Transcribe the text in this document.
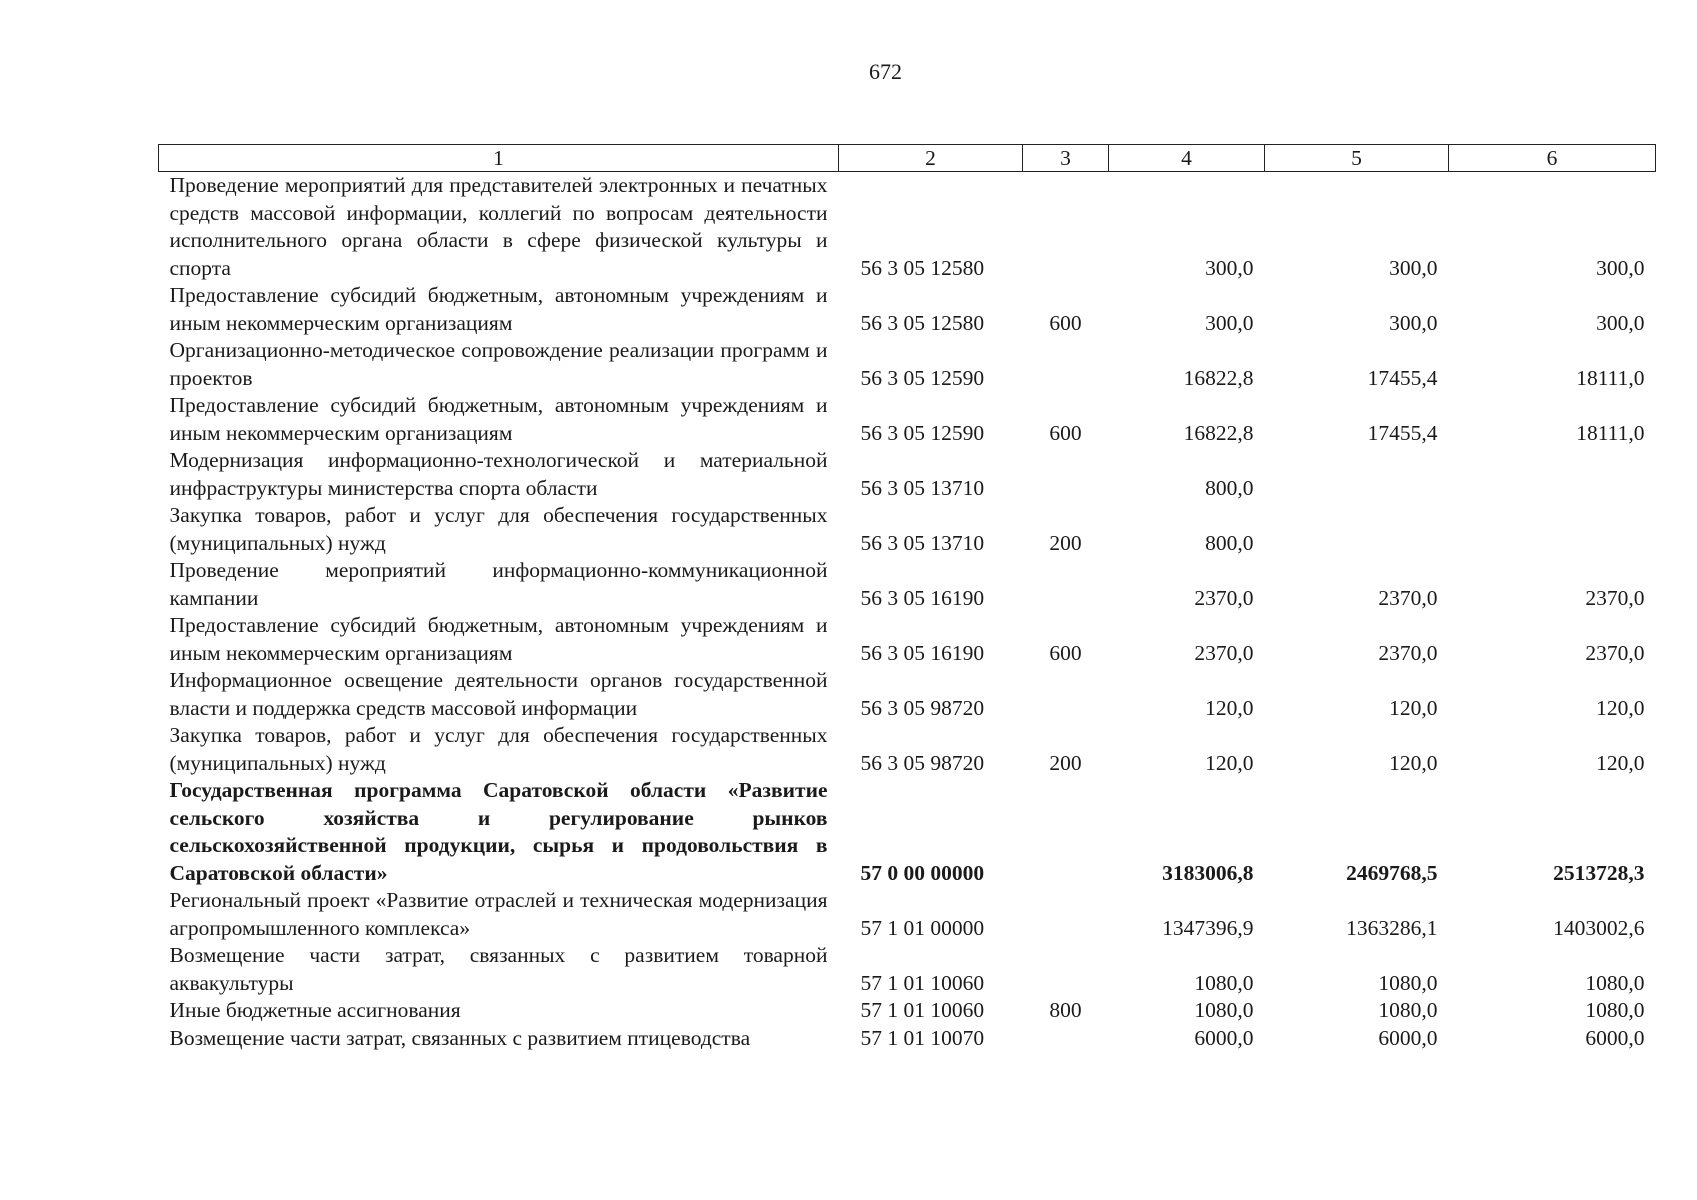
672
1	2	3	4	5	6
Проведение мероприятий для представителей электронных и печатных средств массовой информации, коллегий по вопросам деятельности исполнительного органа области в сфере физической культуры и спорта	56 3 05 12580		300,0	300,0	300,0
Предоставление субсидий бюджетным, автономным учреждениям и иным некоммерческим организациям	56 3 05 12580	600	300,0	300,0	300,0
Организационно-методическое сопровождение реализации программ и проектов	56 3 05 12590		16822,8	17455,4	18111,0
Предоставление субсидий бюджетным, автономным учреждениям и иным некоммерческим организациям	56 3 05 12590	600	16822,8	17455,4	18111,0
Модернизация информационно-технологической и материальной инфраструктуры министерства спорта области	56 3 05 13710		800,0		
Закупка товаров, работ и услуг для обеспечения государственных (муниципальных) нужд	56 3 05 13710	200	800,0		
Проведение мероприятий информационно-коммуникационной кампании	56 3 05 16190		2370,0	2370,0	2370,0
Предоставление субсидий бюджетным, автономным учреждениям и иным некоммерческим организациям	56 3 05 16190	600	2370,0	2370,0	2370,0
Информационное освещение деятельности органов государственной власти и поддержка средств массовой информации	56 3 05 98720		120,0	120,0	120,0
Закупка товаров, работ и услуг для обеспечения государственных (муниципальных) нужд	56 3 05 98720	200	120,0	120,0	120,0
Государственная программа Саратовской области «Развитие сельского хозяйства и регулирование рынков сельскохозяйственной продукции, сырья и продовольствия в Саратовской области»	57 0 00 00000		3183006,8	2469768,5	2513728,3
Региональный проект «Развитие отраслей и техническая модернизация агропромышленного комплекса»	57 1 01 00000		1347396,9	1363286,1	1403002,6
Возмещение части затрат, связанных с развитием товарной аквакультуры	57 1 01 10060		1080,0	1080,0	1080,0
Иные бюджетные ассигнования	57 1 01 10060	800	1080,0	1080,0	1080,0
Возмещение части затрат, связанных с развитием птицеводства	57 1 01 10070		6000,0	6000,0	6000,0
